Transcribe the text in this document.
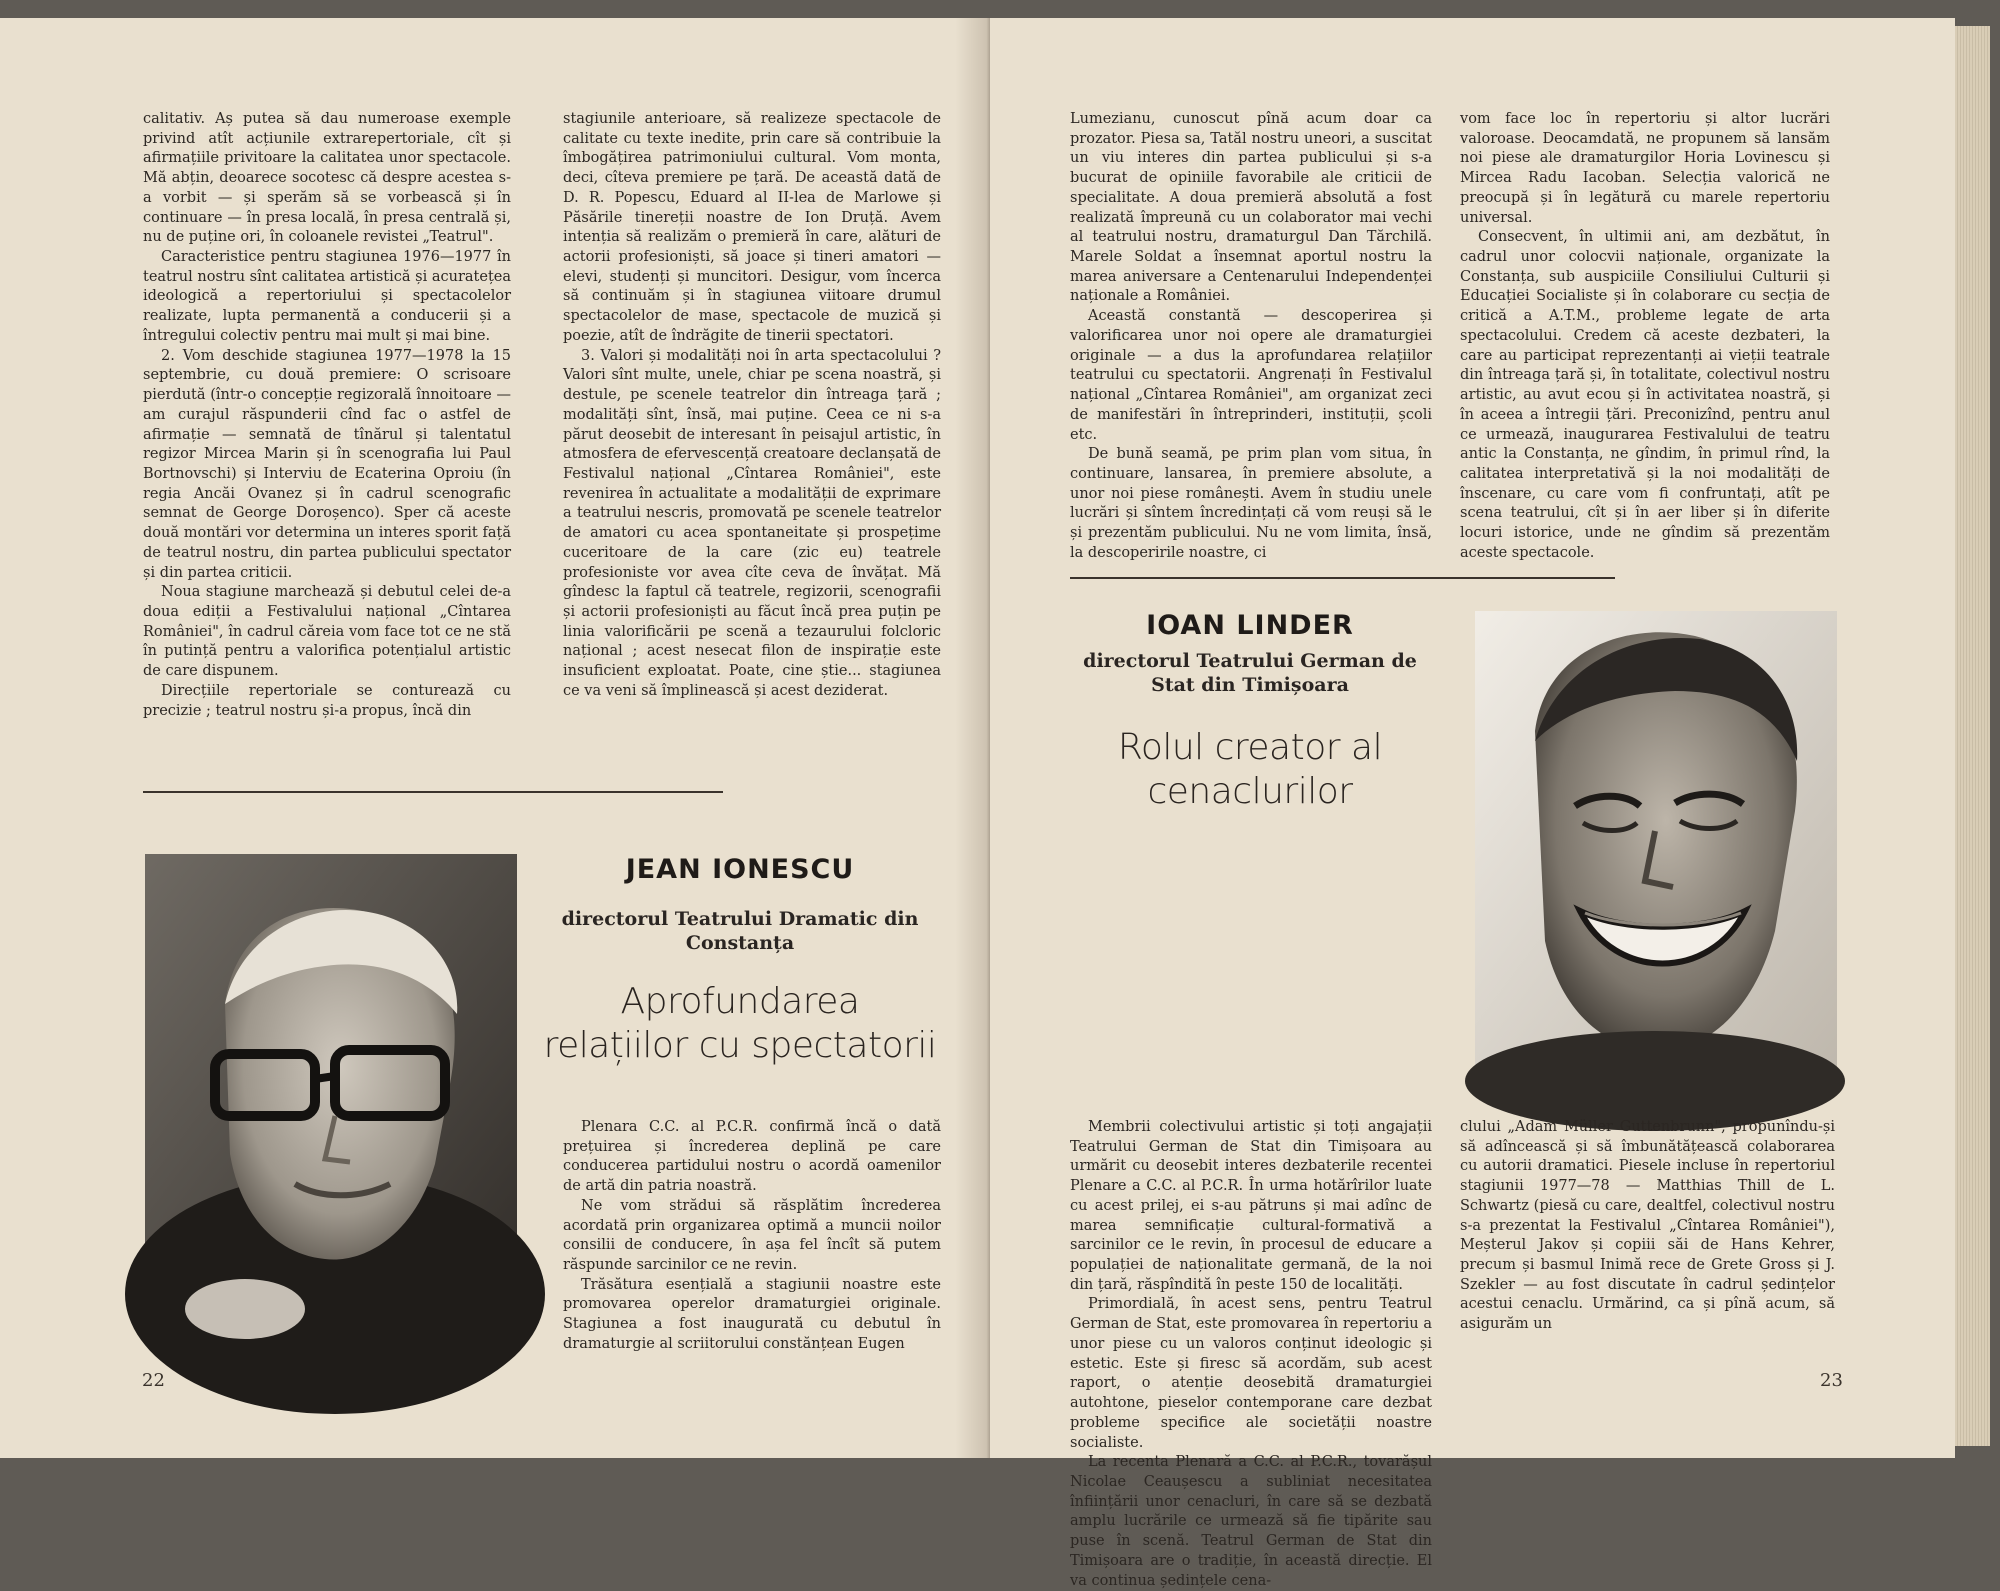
calitativ. Aș putea să dau numeroase exemple privind atît acțiunile extrarepertoriale, cît și afirmațiile privitoare la calitatea unor spectacole. Mă abțin, deoarece socotesc că despre acestea s-a vorbit — și sperăm să se vorbească și în continuare — în presa locală, în presa centrală și, nu de puține ori, în coloanele revistei „Teatrul".

Caracteristice pentru stagiunea 1976—1977 în teatrul nostru sînt calitatea artistică și acuratețea ideologică a repertoriului și spectacolelor realizate, lupta permanentă a conducerii și a întregului colectiv pentru mai mult și mai bine.

2. Vom deschide stagiunea 1977—1978 la 15 septembrie, cu două premiere: O scrisoare pierdută (într-o concepție regizorală înnoitoare — am curajul răspunderii cînd fac o astfel de afirmație — semnată de tînărul și talentatul regizor Mircea Marin și în scenografia lui Paul Bortnovschi) și Interviu de Ecaterina Oproiu (în regia Ancăi Ovanez și în cadrul scenografic semnat de George Doroșenco). Sper că aceste două montări vor determina un interes sporit față de teatrul nostru, din partea publicului spectator și din partea criticii.

Noua stagiune marchează și debutul celei de-a doua ediții a Festivalului național „Cîntarea României", în cadrul căreia vom face tot ce ne stă în putință pentru a valorifica potențialul artistic de care dispunem.

Direcțiile repertoriale se conturează cu precizie ; teatrul nostru și-a propus, încă din

stagiunile anterioare, să realizeze spectacole de calitate cu texte inedite, prin care să contribuie la îmbogățirea patrimoniului cultural. Vom monta, deci, cîteva premiere pe țară. De această dată de D. R. Popescu, Eduard al II-lea de Marlowe și Păsările tinereții noastre de Ion Druță. Avem intenția să realizăm o premieră în care, alături de actorii profesioniști, să joace și tineri amatori — elevi, studenți și muncitori. Desigur, vom încerca să continuăm și în stagiunea viitoare drumul spectacolelor de mase, spectacole de muzică și poezie, atît de îndrăgite de tinerii spectatori.

3. Valori și modalități noi în arta spectacolului ? Valori sînt multe, unele, chiar pe scena noastră, și destule, pe scenele teatrelor din întreaga țară ; modalități sînt, însă, mai puține. Ceea ce ni s-a părut deosebit de interesant în peisajul artistic, în atmosfera de efervescență creatoare declanșată de Festivalul național „Cîntarea României", este revenirea în actualitate a modalității de exprimare a teatrului nescris, promovată pe scenele teatrelor de amatori cu acea spontaneitate și prospețime cuceritoare de la care (zic eu) teatrele profesioniste vor avea cîte ceva de învățat. Mă gîndesc la faptul că teatrele, regizorii, scenografii și actorii profesioniști au făcut încă prea puțin pe linia valorificării pe scenă a tezaurului folcloric național ; acest nesecat filon de inspirație este insuficient exploatat. Poate, cine știe... stagiunea ce va veni să împlinească și acest deziderat.

JEAN IONESCU
directorul Teatrului Dramatic din Constanța
Aprofundarea
relațiilor cu spectatorii

Plenara C.C. al P.C.R. confirmă încă o dată prețuirea și încrederea deplină pe care conducerea partidului nostru o acordă oamenilor de artă din patria noastră.

Ne vom strădui să răsplătim încrederea acordată prin organizarea optimă a muncii noilor consilii de conducere, în așa fel încît să putem răspunde sarcinilor ce ne revin.

Trăsătura esențială a stagiunii noastre este promovarea operelor dramaturgiei originale. Stagiunea a fost inaugurată cu debutul în dramaturgie al scriitorului constănțean Eugen

22

Lumezianu, cunoscut pînă acum doar ca prozator. Piesa sa, Tatăl nostru uneori, a suscitat un viu interes din partea publicului și s-a bucurat de opiniile favorabile ale criticii de specialitate. A doua premieră absolută a fost realizată împreună cu un colaborator mai vechi al teatrului nostru, dramaturgul Dan Tărchilă. Marele Soldat a însemnat aportul nostru la marea aniversare a Centenarului Independenței naționale a României.

Această constantă — descoperirea și valorificarea unor noi opere ale dramaturgiei originale — a dus la aprofundarea relațiilor teatrului cu spectatorii. Angrenați în Festivalul național „Cîntarea României", am organizat zeci de manifestări în întreprinderi, instituții, școli etc.

De bună seamă, pe prim plan vom situa, în continuare, lansarea, în premiere absolute, a unor noi piese românești. Avem în studiu unele lucrări și sîntem încredințați că vom reuși să le și prezentăm publicului. Nu ne vom limita, însă, la descoperirile noastre, ci

vom face loc în repertoriu și altor lucrări valoroase. Deocamdată, ne propunem să lansăm noi piese ale dramaturgilor Horia Lovinescu și Mircea Radu Iacoban. Selecția valorică ne preocupă și în legătură cu marele repertoriu universal.

Consecvent, în ultimii ani, am dezbătut, în cadrul unor colocvii naționale, organizate la Constanța, sub auspiciile Consiliului Culturii și Educației Socialiste și în colaborare cu secția de critică a A.T.M., probleme legate de arta spectacolului. Credem că aceste dezbateri, la care au participat reprezentanți ai vieții teatrale din întreaga țară și, în totalitate, colectivul nostru artistic, au avut ecou și în activitatea noastră, și în aceea a întregii țări. Preconizînd, pentru anul ce urmează, inaugurarea Festivalului de teatru antic la Constanța, ne gîndim, în primul rînd, la calitatea interpretativă și la noi modalități de înscenare, cu care vom fi confruntați, atît pe scena teatrului, cît și în aer liber și în diferite locuri istorice, unde ne gîndim să prezentăm aceste spectacole.

IOAN LINDER
directorul Teatrului German de Stat din Timișoara
Rolul creator al
cenaclurilor

Membrii colectivului artistic și toți angajații Teatrului German de Stat din Timișoara au urmărit cu deosebit interes dezbaterile recentei Plenare a C.C. al P.C.R. În urma hotărîrilor luate cu acest prilej, ei s-au pătruns și mai adînc de marea semnificație cultural-formativă a sarcinilor ce le revin, în procesul de educare a populației de naționalitate germană, de la noi din țară, răspîndită în peste 150 de localități.

Primordială, în acest sens, pentru Teatrul German de Stat, este promovarea în repertoriu a unor piese cu un valoros conținut ideologic și estetic. Este și firesc să acordăm, sub acest raport, o atenție deosebită dramaturgiei autohtone, pieselor contemporane care dezbat probleme specifice ale societății noastre socialiste.

La recenta Plenară a C.C. al P.C.R., tovarășul Nicolae Ceaușescu a subliniat necesitatea înființării unor cenacluri, în care să se dezbată amplu lucrările ce urmează să fie tipărite sau puse în scenă. Teatrul German de Stat din Timișoara are o tradiție, în această direcție. El va continua ședințele cena-

clului „Adam Müller Guttenbrunn", propunîndu-și să adîncească și să îmbunătățească colaborarea cu autorii dramatici. Piesele incluse în repertoriul stagiunii 1977—78 — Matthias Thill de L. Schwartz (piesă cu care, dealtfel, colectivul nostru s-a prezentat la Festivalul „Cîntarea României"), Meșterul Jakov și copiii săi de Hans Kehrer, precum și basmul Inimă rece de Grete Gross și J. Szekler — au fost discutate în cadrul ședințelor acestui cenaclu. Urmărind, ca și pînă acum, să asigurăm un

23
